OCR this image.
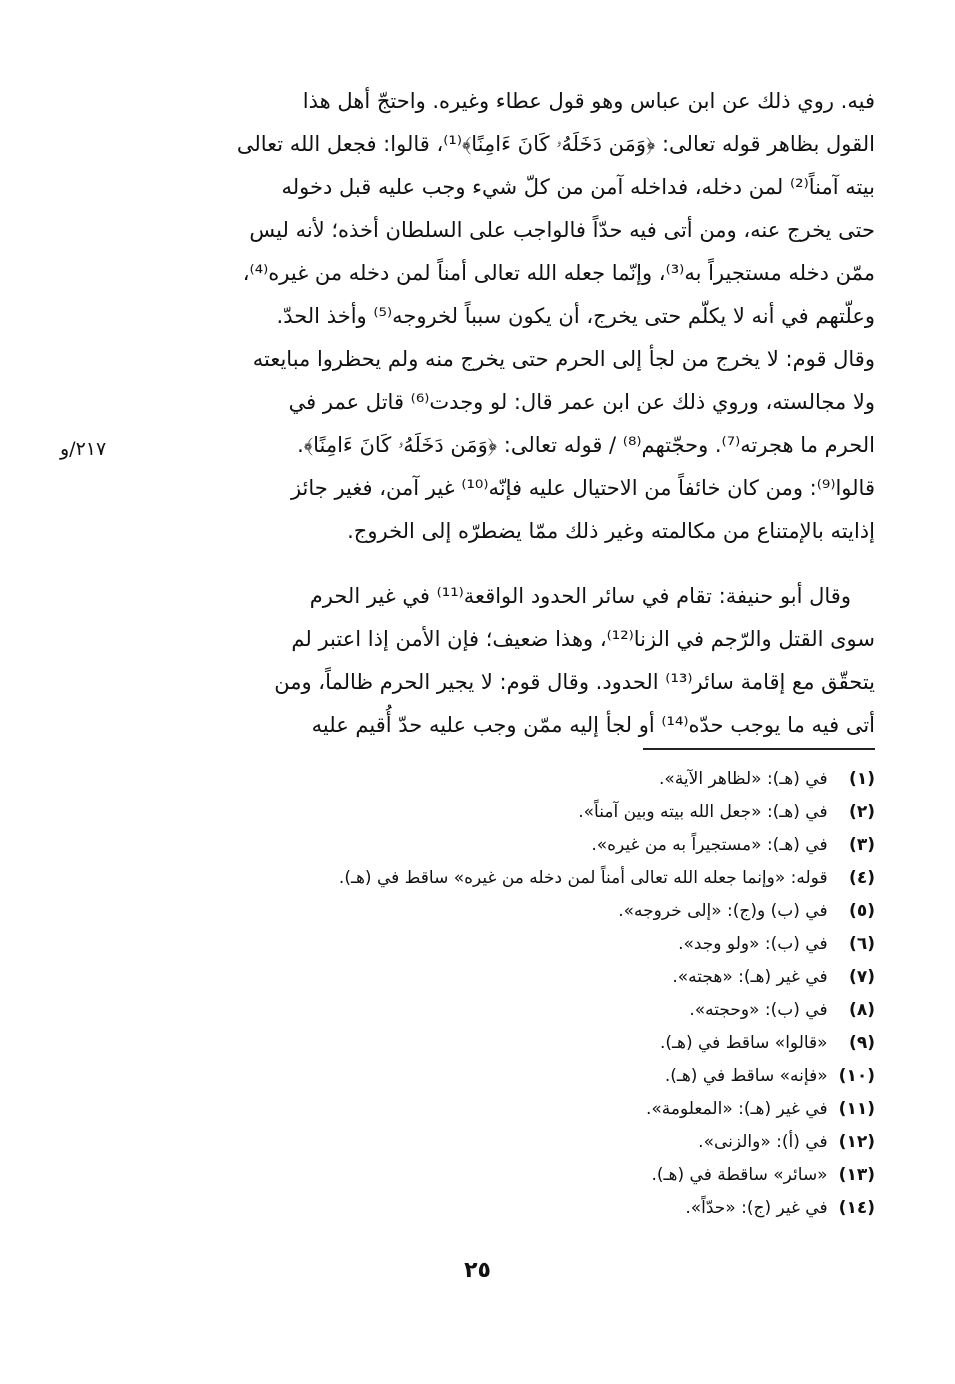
فيه. روي ذلك عن ابن عباس وهو قول عطاء وغيره. واحتجّ أهل هذا
القول بظاهر قوله تعالى: ﴿وَمَن دَخَلَهُۥ كَانَ ءَامِنًا﴾⁽¹⁾، قالوا: فجعل الله تعالى
بيته آمناً⁽²⁾ لمن دخله، فداخله آمن من كلّ شيء وجب عليه قبل دخوله
حتى يخرج عنه، ومن أتى فيه حدّاً فالواجب على السلطان أخذه؛ لأنه ليس
ممّن دخله مستجيراً به⁽³⁾، وإنّما جعله الله تعالى أمناً لمن دخله من غيره⁽⁴⁾،
وعلّتهم في أنه لا يكلّم حتى يخرج، أن يكون سبباً لخروجه⁽⁵⁾ وأخذ الحدّ.
وقال قوم: لا يخرج من لجأ إلى الحرم حتى يخرج منه ولم يحظروا مبايعته
ولا مجالسته، وروي ذلك عن ابن عمر قال: لو وجدت⁽⁶⁾ قاتل عمر في
الحرم ما هجرته⁽⁷⁾. وحجّتهم⁽⁸⁾ / قوله تعالى: ﴿وَمَن دَخَلَهُۥ كَانَ ءَامِنًا﴾.
قالوا⁽⁹⁾: ومن كان خائفاً من الاحتيال عليه فإنّه⁽¹⁰⁾ غير آمن، فغير جائز
إذايته بالإمتناع من مكالمته وغير ذلك ممّا يضطرّه إلى الخروج.
وقال أبو حنيفة: تقام في سائر الحدود الواقعة⁽¹¹⁾ في غير الحرم
سوى القتل والرّجم في الزنا⁽¹²⁾، وهذا ضعيف؛ فإن الأمن إذا اعتبر لم
يتحقّق مع إقامة سائر⁽¹³⁾ الحدود. وقال قوم: لا يجير الحرم ظالماً، ومن
أتى فيه ما يوجب حدّه⁽¹⁴⁾ أو لجأ إليه ممّن وجب عليه حدّ أُقيم عليه
٢١٧/و
(١) في (هـ): «لظاهر الآية».
(٢) في (هـ): «جعل الله بيته وبين آمناً».
(٣) في (هـ): «مستجيراً به من غيره».
(٤) قوله: «وإنما جعله الله تعالى أمناً لمن دخله من غيره» ساقط في (هـ).
(٥) في (ب) و(ج): «إلى خروجه».
(٦) في (ب): «ولو وجد».
(٧) في غير (هـ): «هجته».
(٨) في (ب): «وحجته».
(٩) «قالوا» ساقط في (هـ).
(١٠) «فإنه» ساقط في (هـ).
(١١) في غير (هـ): «المعلومة».
(١٢) في (أ): «والزنى».
(١٣) «سائر» ساقطة في (هـ).
(١٤) في غير (ج): «حدّاً».
٢٥
